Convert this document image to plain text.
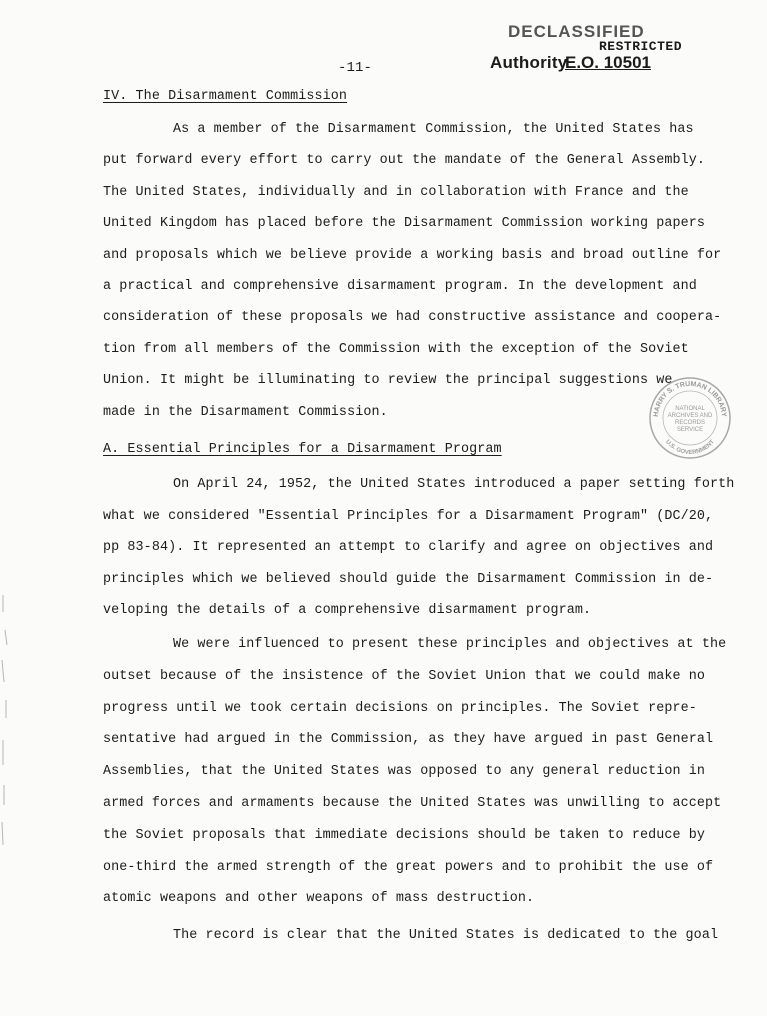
DECLASSIFIED
RESTRICTED
Authority
E.O. 10501
-11-
IV. The Disarmament Commission
As a member of the Disarmament Commission, the United States has
put forward every effort to carry out the mandate of the General Assembly.
The United States, individually and in collaboration with France and the
United Kingdom has placed before the Disarmament Commission working papers
and proposals which we believe provide a working basis and broad outline for
a practical and comprehensive disarmament program. In the development and
consideration of these proposals we had constructive assistance and coopera-
tion from all members of the Commission with the exception of the Soviet
Union. It might be illuminating to review the principal suggestions we
made in the Disarmament Commission.
A. Essential Principles for a Disarmament Program
On April 24, 1952, the United States introduced a paper setting forth
what we considered "Essential Principles for a Disarmament Program" (DC/20,
pp 83-84). It represented an attempt to clarify and agree on objectives and
principles which we believed should guide the Disarmament Commission in de-
veloping the details of a comprehensive disarmament program.
We were influenced to present these principles and objectives at the
outset because of the insistence of the Soviet Union that we could make no
progress until we took certain decisions on principles. The Soviet repre-
sentative had argued in the Commission, as they have argued in past General
Assemblies, that the United States was opposed to any general reduction in
armed forces and armaments because the United States was unwilling to accept
the Soviet proposals that immediate decisions should be taken to reduce by
one-third the armed strength of the great powers and to prohibit the use of
atomic weapons and other weapons of mass destruction.
The record is clear that the United States is dedicated to the goal
HARRY S. TRUMAN LIBRARY
U.S. GOVERNMENT
NATIONAL
ARCHIVES AND
RECORDS
SERVICE
